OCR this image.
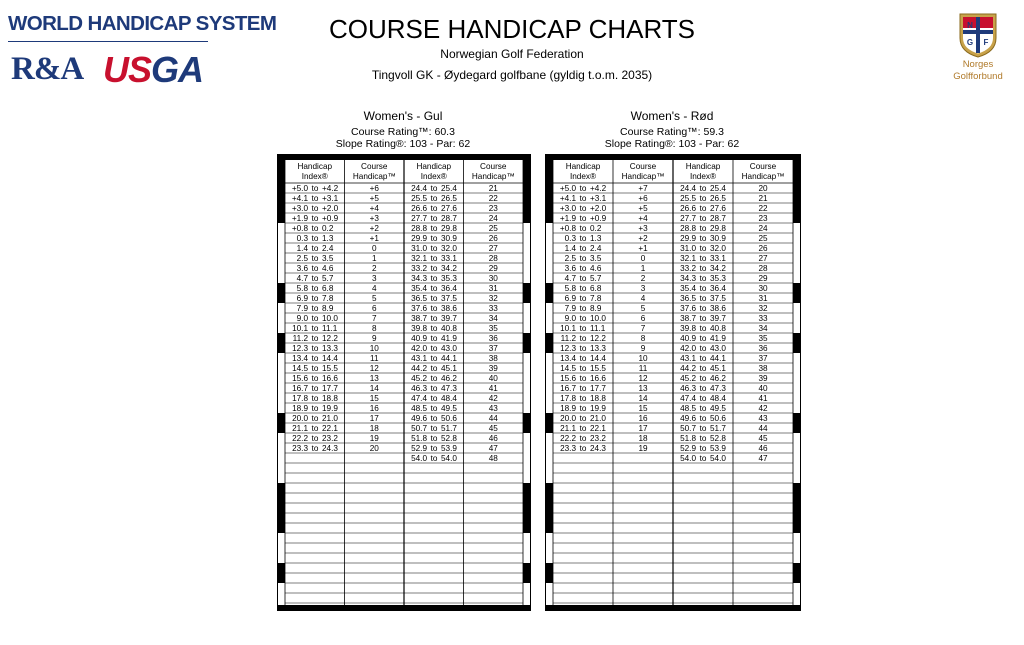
WORLD HANDICAP SYSTEM
R&A USGA
COURSE HANDICAP CHARTS
Norwegian Golf Federation
Tingvoll GK - Øydegard golfbane (gyldig t.o.m. 2035)
N
G F
Norges
Golfforbund
Women's - Gul
Course Rating™: 60.3
Slope Rating®: 103 - Par: 62
Women's - Rød
Course Rating™: 59.3
Slope Rating®: 103 - Par: 62
Handicap
Index®
Course
Handicap™
Handicap
Index®
Course
Handicap™
+5.0 to +4.2	+6
+4.1 to +3.1	+5
+3.0 to +2.0	+4
+1.9 to +0.9	+3
+0.8 to 0.2	+2
0.3 to 1.3	+1
1.4 to 2.4	0
2.5 to 3.5	1
3.6 to 4.6	2
4.7 to 5.7	3
5.8 to 6.8	4
6.9 to 7.8	5
7.9 to 8.9	6
9.0 to 10.0	7
10.1 to 11.1	8
11.2 to 12.2	9
12.3 to 13.3	10
13.4 to 14.4	11
14.5 to 15.5	12
15.6 to 16.6	13
16.7 to 17.7	14
17.8 to 18.8	15
18.9 to 19.9	16
20.0 to 21.0	17
21.1 to 22.1	18
22.2 to 23.2	19
23.3 to 24.3	20
24.4 to 25.4	21
25.5 to 26.5	22
26.6 to 27.6	23
27.7 to 28.7	24
28.8 to 29.8	25
29.9 to 30.9	26
31.0 to 32.0	27
32.1 to 33.1	28
33.2 to 34.2	29
34.3 to 35.3	30
35.4 to 36.4	31
36.5 to 37.5	32
37.6 to 38.6	33
38.7 to 39.7	34
39.8 to 40.8	35
40.9 to 41.9	36
42.0 to 43.0	37
43.1 to 44.1	38
44.2 to 45.1	39
45.2 to 46.2	40
46.3 to 47.3	41
47.4 to 48.4	42
48.5 to 49.5	43
49.6 to 50.6	44
50.7 to 51.7	45
51.8 to 52.8	46
52.9 to 53.9	47
54.0 to 54.0	48
Handicap
Index®
Course
Handicap™
Handicap
Index®
Course
Handicap™
+5.0 to +4.2	+7
+4.1 to +3.1	+6
+3.0 to +2.0	+5
+1.9 to +0.9	+4
+0.8 to 0.2	+3
0.3 to 1.3	+2
1.4 to 2.4	+1
2.5 to 3.5	0
3.6 to 4.6	1
4.7 to 5.7	2
5.8 to 6.8	3
6.9 to 7.8	4
7.9 to 8.9	5
9.0 to 10.0	6
10.1 to 11.1	7
11.2 to 12.2	8
12.3 to 13.3	9
13.4 to 14.4	10
14.5 to 15.5	11
15.6 to 16.6	12
16.7 to 17.7	13
17.8 to 18.8	14
18.9 to 19.9	15
20.0 to 21.0	16
21.1 to 22.1	17
22.2 to 23.2	18
23.3 to 24.3	19
24.4 to 25.4	20
25.5 to 26.5	21
26.6 to 27.6	22
27.7 to 28.7	23
28.8 to 29.8	24
29.9 to 30.9	25
31.0 to 32.0	26
32.1 to 33.1	27
33.2 to 34.2	28
34.3 to 35.3	29
35.4 to 36.4	30
36.5 to 37.5	31
37.6 to 38.6	32
38.7 to 39.7	33
39.8 to 40.8	34
40.9 to 41.9	35
42.0 to 43.0	36
43.1 to 44.1	37
44.2 to 45.1	38
45.2 to 46.2	39
46.3 to 47.3	40
47.4 to 48.4	41
48.5 to 49.5	42
49.6 to 50.6	43
50.7 to 51.7	44
51.8 to 52.8	45
52.9 to 53.9	46
54.0 to 54.0	47
